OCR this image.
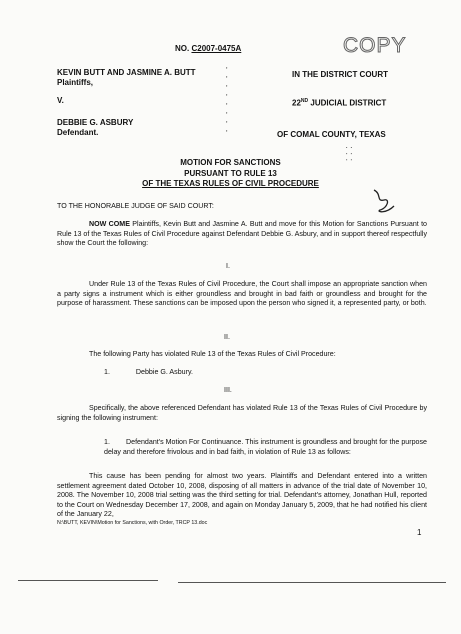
COPY
NO. C2007-0475A
KEVIN BUTT AND JASMINE A. BUTT
Plaintiffs,
V.
DEBBIE G. ASBURY
Defendant.
'
'
'
'
'
'
'
'
IN THE DISTRICT COURT
22ND JUDICIAL DISTRICT
OF COMAL COUNTY, TEXAS
: : :
MOTION FOR SANCTIONS
PURSUANT TO RULE 13
OF THE TEXAS RULES OF CIVIL PROCEDURE
TO THE HONORABLE JUDGE OF SAID COURT:
NOW COME Plaintiffs, Kevin Butt and Jasmine A. Butt and move for this Motion for Sanctions Pursuant to Rule 13 of the Texas Rules of Civil Procedure against Defendant Debbie G. Asbury, and in support thereof respectfully show the Court the following:
I.
Under Rule 13 of the Texas Rules of Civil Procedure, the Court shall impose an appropriate sanction when a party signs a instrument which is either groundless and brought in bad faith or groundless and brought for the purpose of harassment. These sanctions can be imposed upon the person who signed it, a represented party, or both.
II.
The following Party has violated Rule 13 of the Texas Rules of Civil Procedure:
1.	Debbie G. Asbury.
III.
Specifically, the above referenced Defendant has violated Rule 13 of the Texas Rules of Civil Procedure by signing the following instrument:
1.	Defendant's Motion For Continuance. This instrument is groundless and brought for the purpose delay and therefore frivolous and in bad faith, in violation of Rule 13 as follows:
This cause has been pending for almost two years. Plaintiffs and Defendant entered into a written settlement agreement dated October 10, 2008, disposing of all matters in advance of the trial date of November 10, 2008. The November 10, 2008 trial setting was the third setting for trial. Defendant's attorney, Jonathan Hull, reported to the Court on Wednesday December 17, 2008, and again on Monday January 5, 2009, that he had notified his client of the January 22,
N:\BUTT, KEVIN\Motion for Sanctions, with Order, TRCP 13.doc
1
